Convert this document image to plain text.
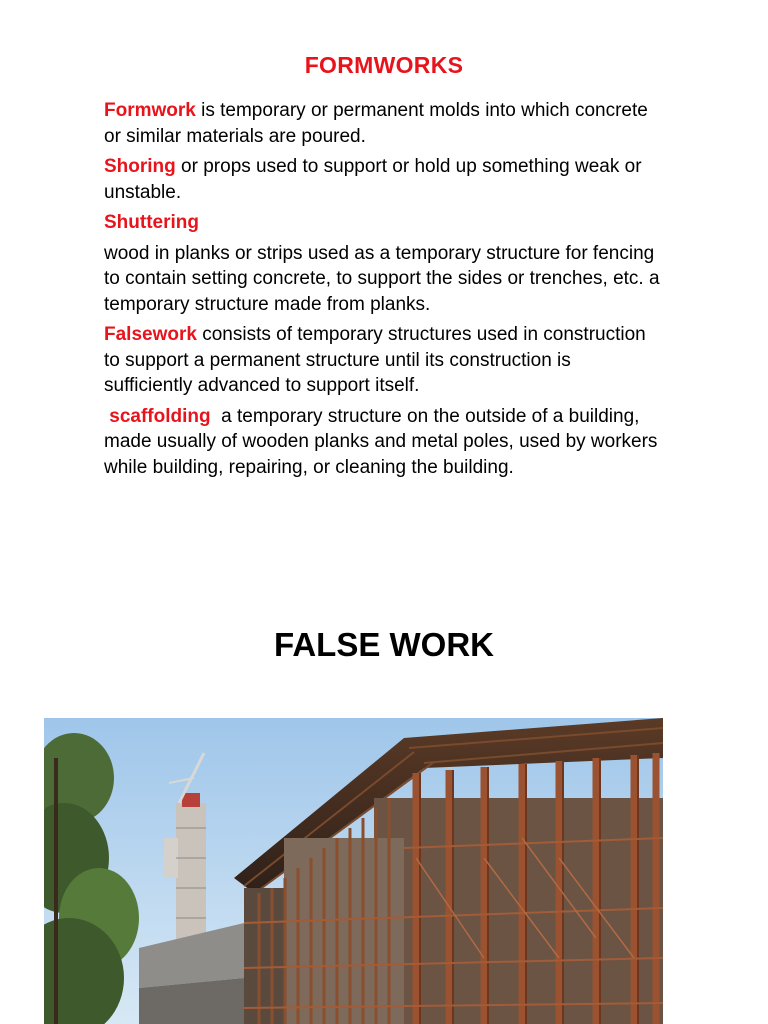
FORMWORKS

Formwork is temporary or permanent molds into which concrete or similar materials are poured.

Shoring or props used to support or hold up something weak or unstable.

Shuttering

wood in planks or strips used as a temporary structure for fencing to contain setting concrete, to support the sides or trenches, etc. a temporary structure made from planks.

Falsework consists of temporary structures used in construction to support a permanent structure until its construction is sufficiently advanced to support itself.

scaffolding  a temporary structure on the outside of a building, made usually of wooden planks and metal poles, used by workers while building, repairing, or cleaning the building.

FALSE WORK
